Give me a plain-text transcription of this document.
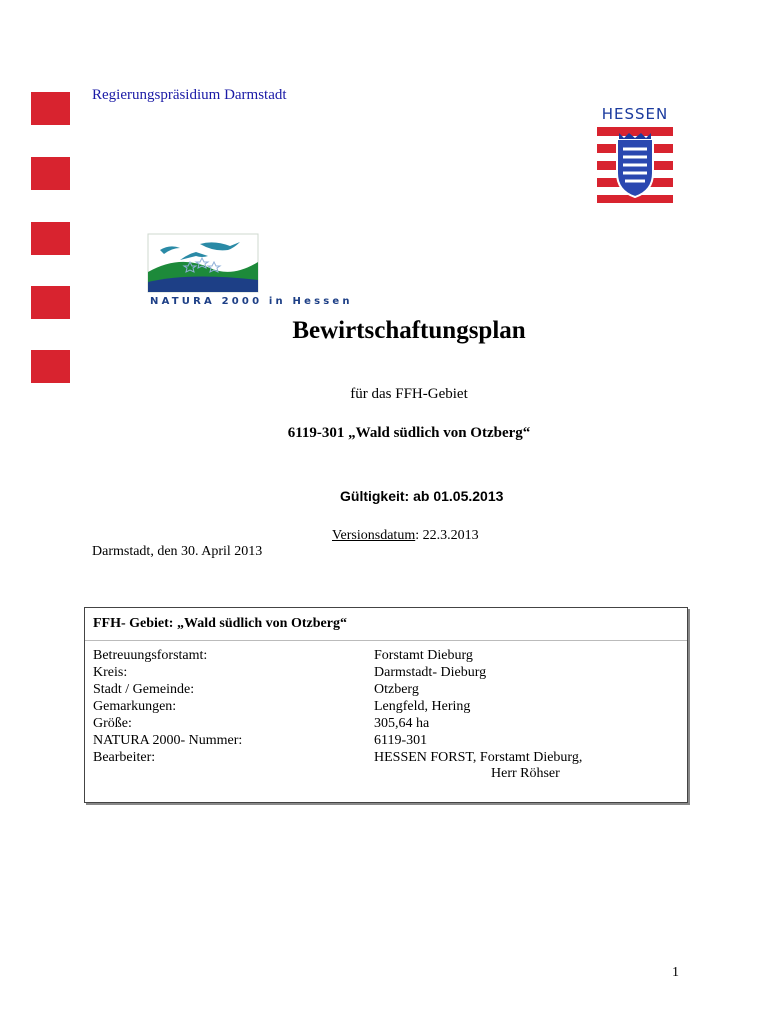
Regierungspräsidium Darmstadt
HESSEN
NATURA 2000 in Hessen
Bewirtschaftungsplan
für das FFH-Gebiet
6119-301 „Wald südlich von Otzberg“
Gültigkeit: ab 01.05.2013
Versionsdatum: 22.3.2013
Darmstadt, den 30. April 2013
FFH- Gebiet: „Wald südlich von Otzberg“
Betreuungsforstamt:	Forstamt Dieburg
Kreis:	Darmstadt- Dieburg
Stadt / Gemeinde:	Otzberg
Gemarkungen:	Lengfeld, Hering
Größe:	305,64 ha
NATURA 2000- Nummer:	6119-301
Bearbeiter:	HESSEN FORST, Forstamt Dieburg,
Herr Röhser
1
